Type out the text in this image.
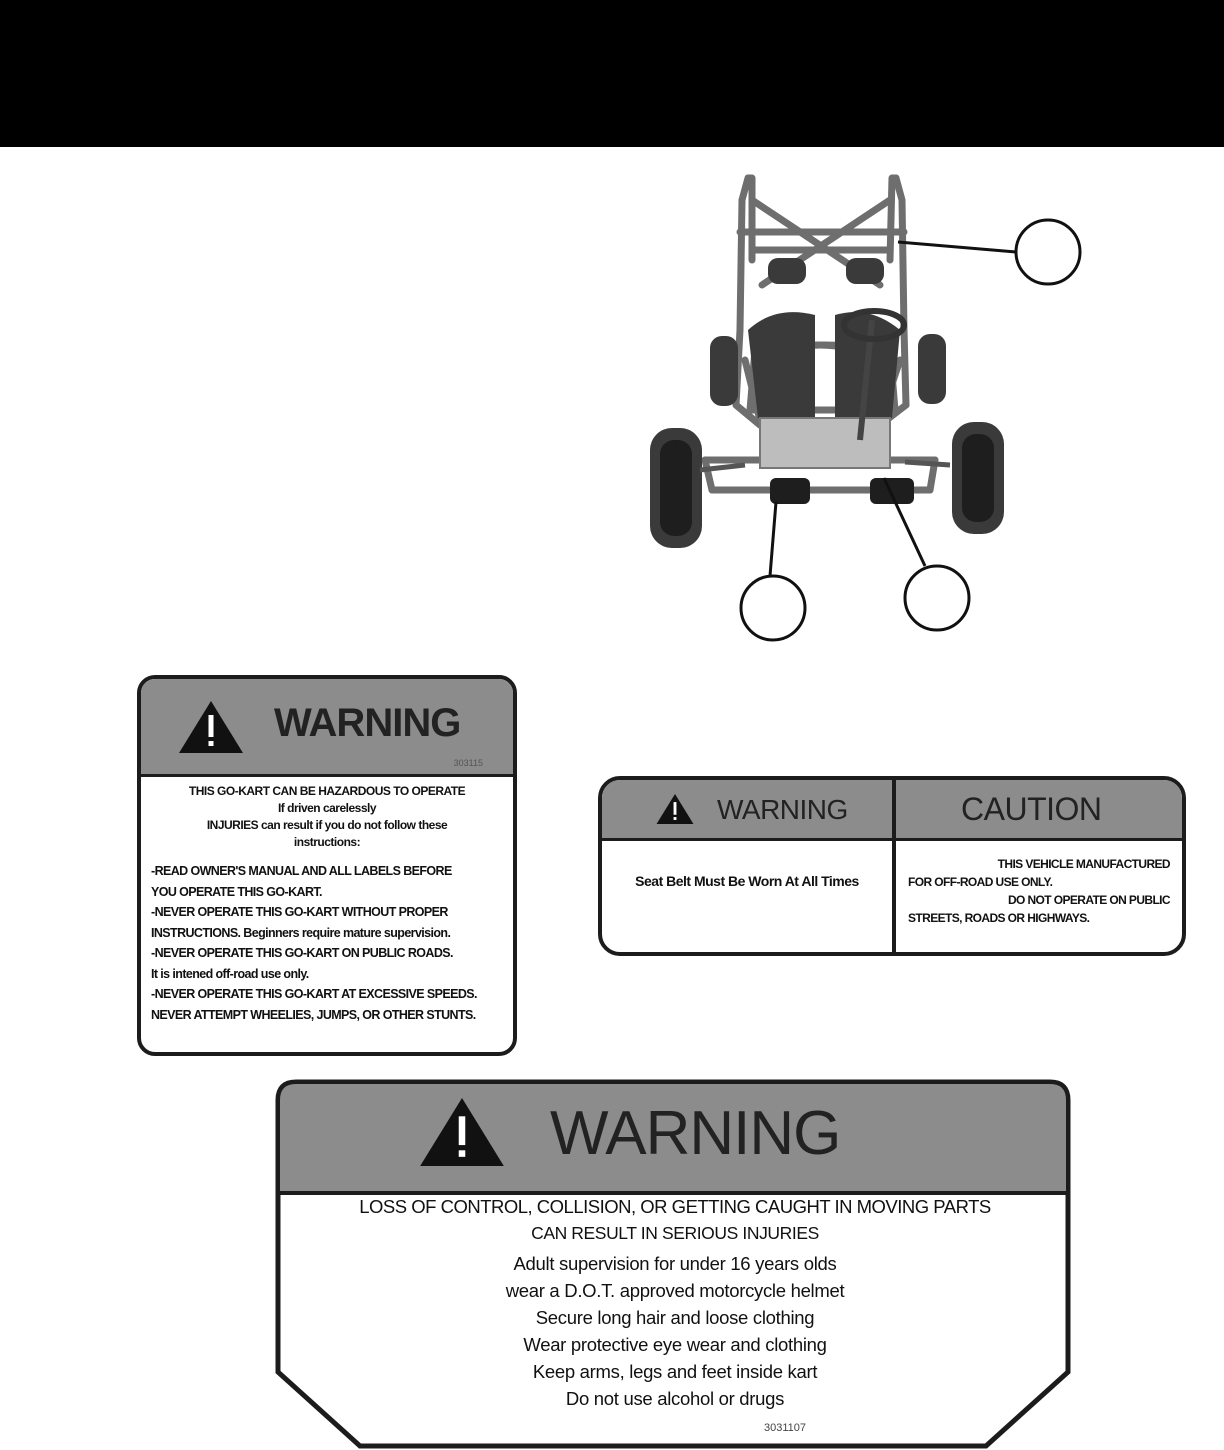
WARNING
303115
THIS GO-KART CAN BE HAZARDOUS TO OPERATE
If driven carelessly
INJURIES can result if you do not follow these
instructions:
-READ OWNER'S MANUAL AND ALL LABELS BEFORE
YOU OPERATE THIS GO-KART.
-NEVER OPERATE THIS GO-KART WITHOUT PROPER
INSTRUCTIONS. Beginners require mature supervision.
-NEVER OPERATE THIS GO-KART ON PUBLIC ROADS.
It is intened off-road use only.
-NEVER OPERATE THIS GO-KART AT EXCESSIVE SPEEDS.
NEVER ATTEMPT WHEELIES, JUMPS, OR OTHER STUNTS.
WARNING	CAUTION
Seat Belt Must Be Worn At All Times
THIS VEHICLE MANUFACTURED
FOR OFF-ROAD USE ONLY.
DO NOT OPERATE ON PUBLIC
STREETS, ROADS OR HIGHWAYS.
WARNING
LOSS OF CONTROL, COLLISION, OR GETTING CAUGHT IN MOVING PARTS
CAN RESULT IN SERIOUS INJURIES
Adult supervision for under 16 years olds
wear a D.O.T. approved motorcycle helmet
Secure long hair and loose clothing
Wear protective eye wear and clothing
Keep arms, legs and feet inside kart
Do not use alcohol or drugs
3031107
